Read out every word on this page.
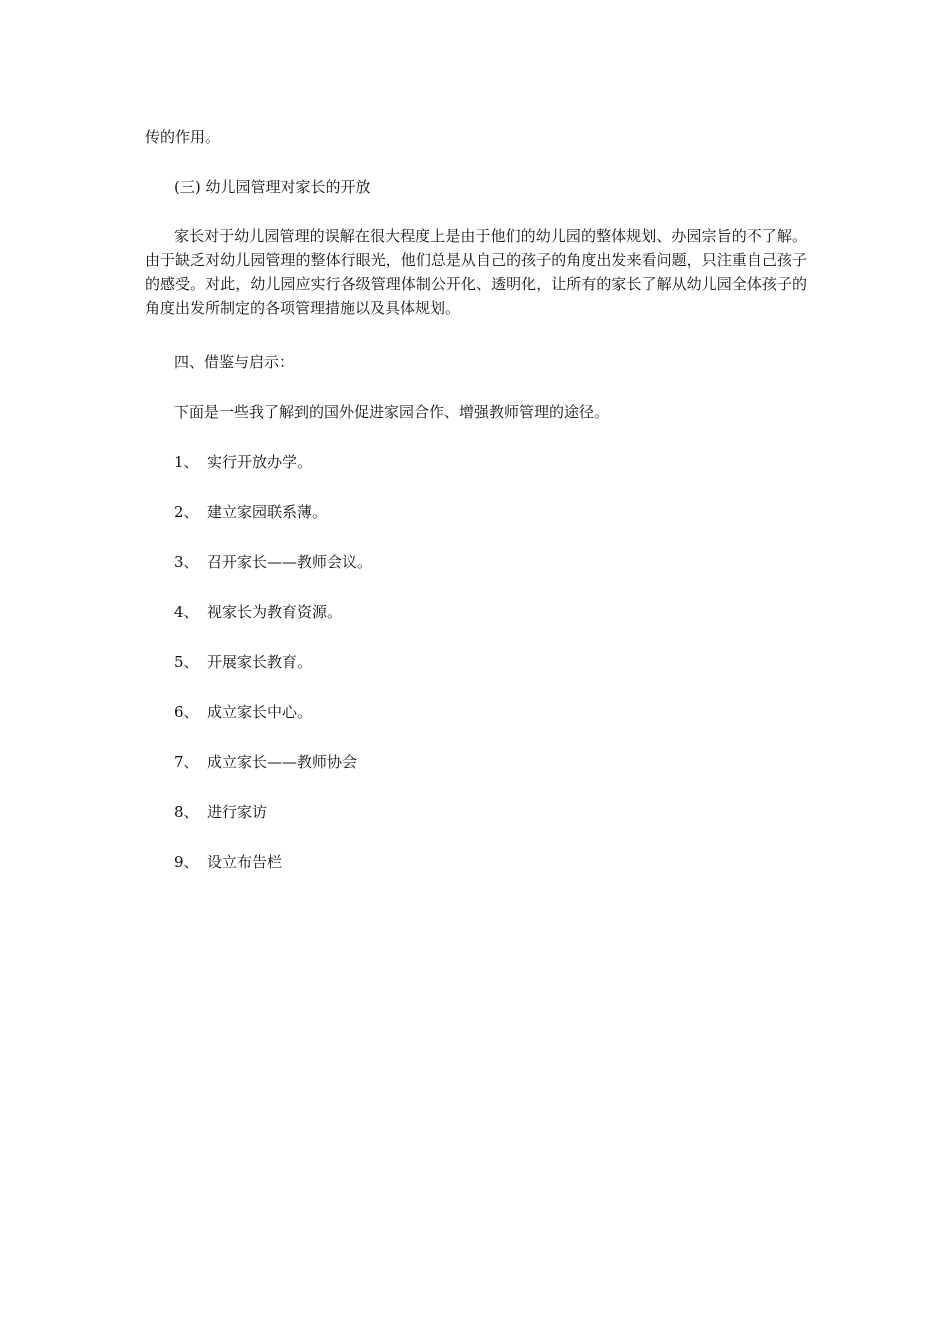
传的作用。
(三) 幼儿园管理对家长的开放
家长对于幼儿园管理的误解在很大程度上是由于他们的幼儿园的整体规划、办园宗旨的不了解。由于缺乏对幼儿园管理的整体行眼光，他们总是从自己的孩子的角度出发来看问题，只注重自己孩子的感受。对此，幼儿园应实行各级管理体制公开化、透明化，让所有的家长了解从幼儿园全体孩子的角度出发所制定的各项管理措施以及具体规划。
四、借鉴与启示：
下面是一些我了解到的国外促进家园合作、增强教师管理的途径。
1、 实行开放办学。
2、 建立家园联系薄。
3、 召开家长——教师会议。
4、 视家长为教育资源。
5、 开展家长教育。
6、 成立家长中心。
7、 成立家长——教师协会
8、 进行家访
9、 设立布告栏
